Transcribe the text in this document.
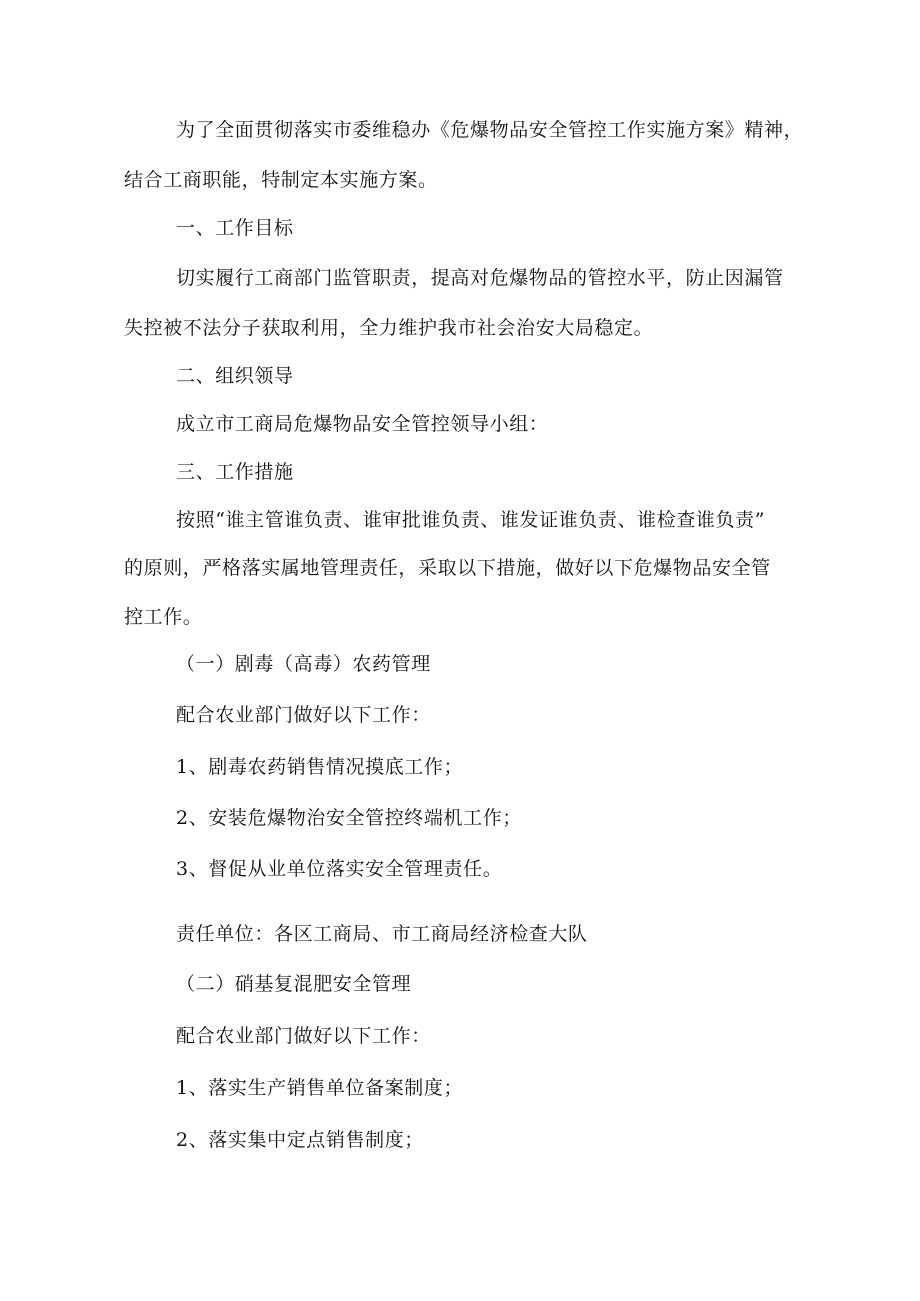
为了全面贯彻落实市委维稳办《危爆物品安全管控工作实施方案》精神，
结合工商职能，特制定本实施方案。
一、工作目标
切实履行工商部门监管职责，提高对危爆物品的管控水平，防止因漏管
失控被不法分子获取利用，全力维护我市社会治安大局稳定。
二、组织领导
成立市工商局危爆物品安全管控领导小组：
三、工作措施
按照“谁主管谁负责、谁审批谁负责、谁发证谁负责、谁检查谁负责”
的原则，严格落实属地管理责任，采取以下措施，做好以下危爆物品安全管
控工作。
（一）剧毒（高毒）农药管理
配合农业部门做好以下工作：
1、剧毒农药销售情况摸底工作；
2、安装危爆物治安全管控终端机工作；
3、督促从业单位落实安全管理责任。
责任单位：各区工商局、市工商局经济检查大队
（二）硝基复混肥安全管理
配合农业部门做好以下工作：
1、落实生产销售单位备案制度；
2、落实集中定点销售制度；
